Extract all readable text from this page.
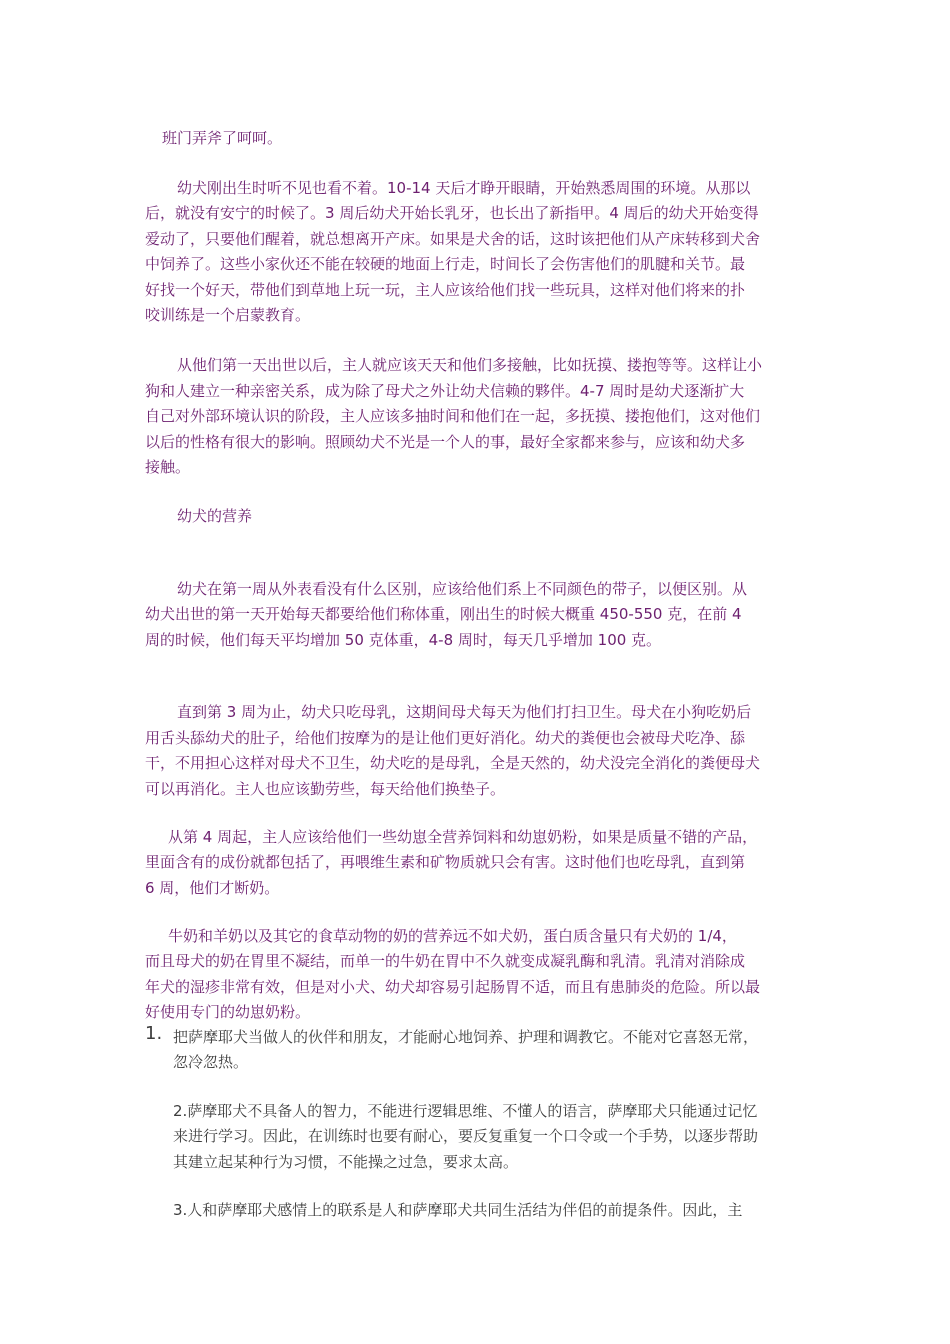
班门弄斧了呵呵。
幼犬刚出生时听不见也看不着。10-14 天后才睁开眼睛，开始熟悉周围的环境。从那以
后，就没有安宁的时候了。3 周后幼犬开始长乳牙，也长出了新指甲。4 周后的幼犬开始变得
爱动了，只要他们醒着，就总想离开产床。如果是犬舍的话，这时该把他们从产床转移到犬舍
中饲养了。这些小家伙还不能在较硬的地面上行走，时间长了会伤害他们的肌腱和关节。最
好找一个好天，带他们到草地上玩一玩，主人应该给他们找一些玩具，这样对他们将来的扑
咬训练是一个启蒙教育。
从他们第一天出世以后，主人就应该天天和他们多接触，比如抚摸、搂抱等等。这样让小
狗和人建立一种亲密关系，成为除了母犬之外让幼犬信赖的夥伴。4-7 周时是幼犬逐渐扩大
自己对外部环境认识的阶段，主人应该多抽时间和他们在一起，多抚摸、搂抱他们，这对他们
以后的性格有很大的影响。照顾幼犬不光是一个人的事，最好全家都来参与，应该和幼犬多
接触。
幼犬的营养
幼犬在第一周从外表看没有什么区别，应该给他们系上不同颜色的带子，以便区别。从
幼犬出世的第一天开始每天都要给他们称体重，刚出生的时候大概重 450-550 克，在前 4
周的时候，他们每天平均增加 50 克体重，4-8 周时，每天几乎增加 100 克。
直到第 3 周为止，幼犬只吃母乳，这期间母犬每天为他们打扫卫生。母犬在小狗吃奶后
用舌头舔幼犬的肚子，给他们按摩为的是让他们更好消化。幼犬的粪便也会被母犬吃净、舔
干，不用担心这样对母犬不卫生，幼犬吃的是母乳，全是天然的，幼犬没完全消化的粪便母犬
可以再消化。主人也应该勤劳些，每天给他们换垫子。
从第 4 周起，主人应该给他们一些幼崽全营养饲料和幼崽奶粉，如果是质量不错的产品，
里面含有的成份就都包括了，再喂维生素和矿物质就只会有害。这时他们也吃母乳，直到第
6 周，他们才断奶。
牛奶和羊奶以及其它的食草动物的奶的营养远不如犬奶，蛋白质含量只有犬奶的 1/4，
而且母犬的奶在胃里不凝结，而单一的牛奶在胃中不久就变成凝乳酶和乳清。乳清对消除成
年犬的湿疹非常有效，但是对小犬、幼犬却容易引起肠胃不适，而且有患肺炎的危险。所以最
好使用专门的幼崽奶粉。
1. 把萨摩耶犬当做人的伙伴和朋友，才能耐心地饲养、护理和调教它。不能对它喜怒无常，
忽冷忽热。
2.萨摩耶犬不具备人的智力，不能进行逻辑思维、不懂人的语言，萨摩耶犬只能通过记忆
来进行学习。因此，在训练时也要有耐心，要反复重复一个口令或一个手势，以逐步帮助
其建立起某种行为习惯，不能操之过急，要求太高。
3.人和萨摩耶犬感情上的联系是人和萨摩耶犬共同生活结为伴侣的前提条件。因此，主
